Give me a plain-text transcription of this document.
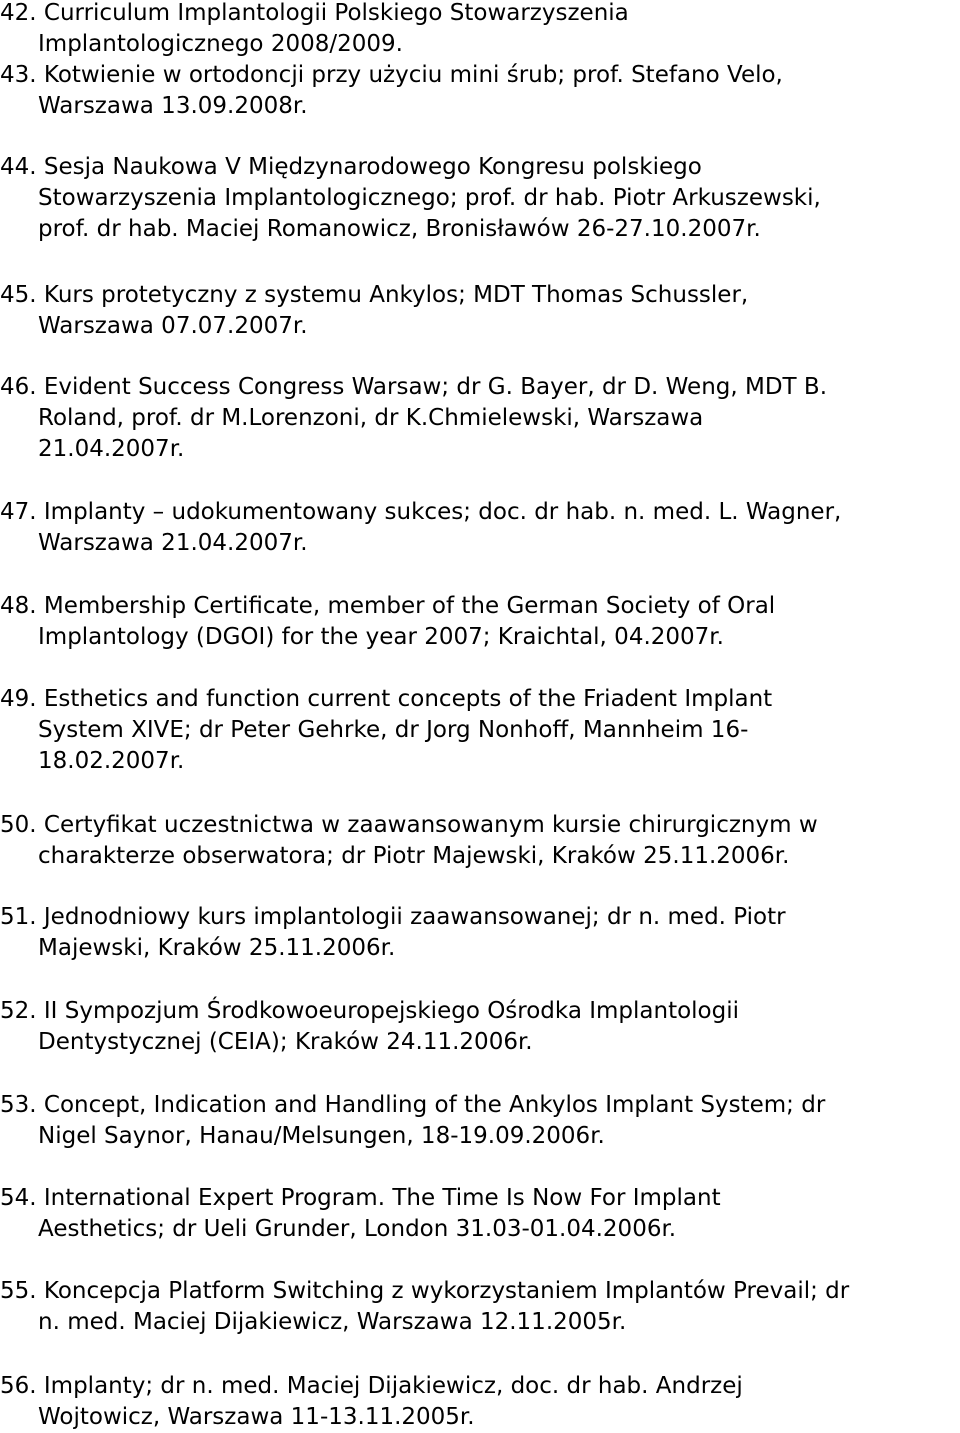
42. Curriculum Implantologii Polskiego Stowarzyszenia
Implantologicznego 2008/2009.
43. Kotwienie w ortodoncji przy użyciu mini śrub; prof. Stefano Velo,
Warszawa 13.09.2008r.
44. Sesja Naukowa V Międzynarodowego Kongresu polskiego
Stowarzyszenia Implantologicznego; prof. dr hab. Piotr Arkuszewski,
prof. dr hab. Maciej Romanowicz, Bronisławów 26-27.10.2007r.
45. Kurs protetyczny z systemu Ankylos; MDT Thomas Schussler,
Warszawa 07.07.2007r.
46. Evident Success Congress Warsaw; dr G. Bayer, dr D. Weng, MDT B.
Roland, prof. dr M.Lorenzoni, dr K.Chmielewski, Warszawa
21.04.2007r.
47. Implanty – udokumentowany sukces; doc. dr hab. n. med. L. Wagner,
Warszawa 21.04.2007r.
48. Membership Certificate, member of the German Society of Oral
Implantology (DGOI) for the year 2007; Kraichtal, 04.2007r.
49. Esthetics and function current concepts of the Friadent Implant
System XIVE; dr Peter Gehrke, dr Jorg Nonhoff, Mannheim 16-
18.02.2007r.
50. Certyfikat uczestnictwa w zaawansowanym kursie chirurgicznym w
charakterze obserwatora; dr Piotr Majewski, Kraków 25.11.2006r.
51. Jednodniowy kurs implantologii zaawansowanej; dr n. med. Piotr
Majewski, Kraków 25.11.2006r.
52. II Sympozjum Środkowoeuropejskiego Ośrodka Implantologii
Dentystycznej (CEIA); Kraków 24.11.2006r.
53. Concept, Indication and Handling of the Ankylos Implant System; dr
Nigel Saynor, Hanau/Melsungen, 18-19.09.2006r.
54. International Expert Program. The Time Is Now For Implant
Aesthetics; dr Ueli Grunder, London 31.03-01.04.2006r.
55. Koncepcja Platform Switching z wykorzystaniem Implantów Prevail; dr
n. med. Maciej Dijakiewicz, Warszawa 12.11.2005r.
56. Implanty; dr n. med. Maciej Dijakiewicz, doc. dr hab. Andrzej
Wojtowicz, Warszawa 11-13.11.2005r.
